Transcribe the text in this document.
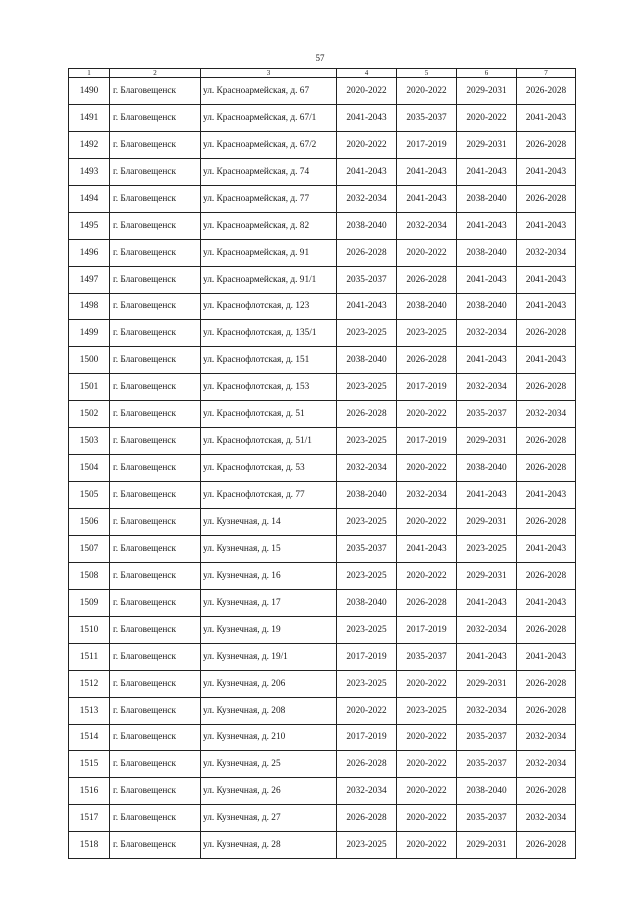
57
1	2	3	4	5	6	7
1490	г. Благовещенск	ул. Красноармейская, д. 67	2020-2022	2020-2022	2029-2031	2026-2028
1491	г. Благовещенск	ул. Красноармейская, д. 67/1	2041-2043	2035-2037	2020-2022	2041-2043
1492	г. Благовещенск	ул. Красноармейская, д. 67/2	2020-2022	2017-2019	2029-2031	2026-2028
1493	г. Благовещенск	ул. Красноармейская, д. 74	2041-2043	2041-2043	2041-2043	2041-2043
1494	г. Благовещенск	ул. Красноармейская, д. 77	2032-2034	2041-2043	2038-2040	2026-2028
1495	г. Благовещенск	ул. Красноармейская, д. 82	2038-2040	2032-2034	2041-2043	2041-2043
1496	г. Благовещенск	ул. Красноармейская, д. 91	2026-2028	2020-2022	2038-2040	2032-2034
1497	г. Благовещенск	ул. Красноармейская, д. 91/1	2035-2037	2026-2028	2041-2043	2041-2043
1498	г. Благовещенск	ул. Краснофлотская, д. 123	2041-2043	2038-2040	2038-2040	2041-2043
1499	г. Благовещенск	ул. Краснофлотская, д. 135/1	2023-2025	2023-2025	2032-2034	2026-2028
1500	г. Благовещенск	ул. Краснофлотская, д. 151	2038-2040	2026-2028	2041-2043	2041-2043
1501	г. Благовещенск	ул. Краснофлотская, д. 153	2023-2025	2017-2019	2032-2034	2026-2028
1502	г. Благовещенск	ул. Краснофлотская, д. 51	2026-2028	2020-2022	2035-2037	2032-2034
1503	г. Благовещенск	ул. Краснофлотская, д. 51/1	2023-2025	2017-2019	2029-2031	2026-2028
1504	г. Благовещенск	ул. Краснофлотская, д. 53	2032-2034	2020-2022	2038-2040	2026-2028
1505	г. Благовещенск	ул. Краснофлотская, д. 77	2038-2040	2032-2034	2041-2043	2041-2043
1506	г. Благовещенск	ул. Кузнечная, д. 14	2023-2025	2020-2022	2029-2031	2026-2028
1507	г. Благовещенск	ул. Кузнечная, д. 15	2035-2037	2041-2043	2023-2025	2041-2043
1508	г. Благовещенск	ул. Кузнечная, д. 16	2023-2025	2020-2022	2029-2031	2026-2028
1509	г. Благовещенск	ул. Кузнечная, д. 17	2038-2040	2026-2028	2041-2043	2041-2043
1510	г. Благовещенск	ул. Кузнечная, д. 19	2023-2025	2017-2019	2032-2034	2026-2028
1511	г. Благовещенск	ул. Кузнечная, д. 19/1	2017-2019	2035-2037	2041-2043	2041-2043
1512	г. Благовещенск	ул. Кузнечная, д. 206	2023-2025	2020-2022	2029-2031	2026-2028
1513	г. Благовещенск	ул. Кузнечная, д. 208	2020-2022	2023-2025	2032-2034	2026-2028
1514	г. Благовещенск	ул. Кузнечная, д. 210	2017-2019	2020-2022	2035-2037	2032-2034
1515	г. Благовещенск	ул. Кузнечная, д. 25	2026-2028	2020-2022	2035-2037	2032-2034
1516	г. Благовещенск	ул. Кузнечная, д. 26	2032-2034	2020-2022	2038-2040	2026-2028
1517	г. Благовещенск	ул. Кузнечная, д. 27	2026-2028	2020-2022	2035-2037	2032-2034
1518	г. Благовещенск	ул. Кузнечная, д. 28	2023-2025	2020-2022	2029-2031	2026-2028
